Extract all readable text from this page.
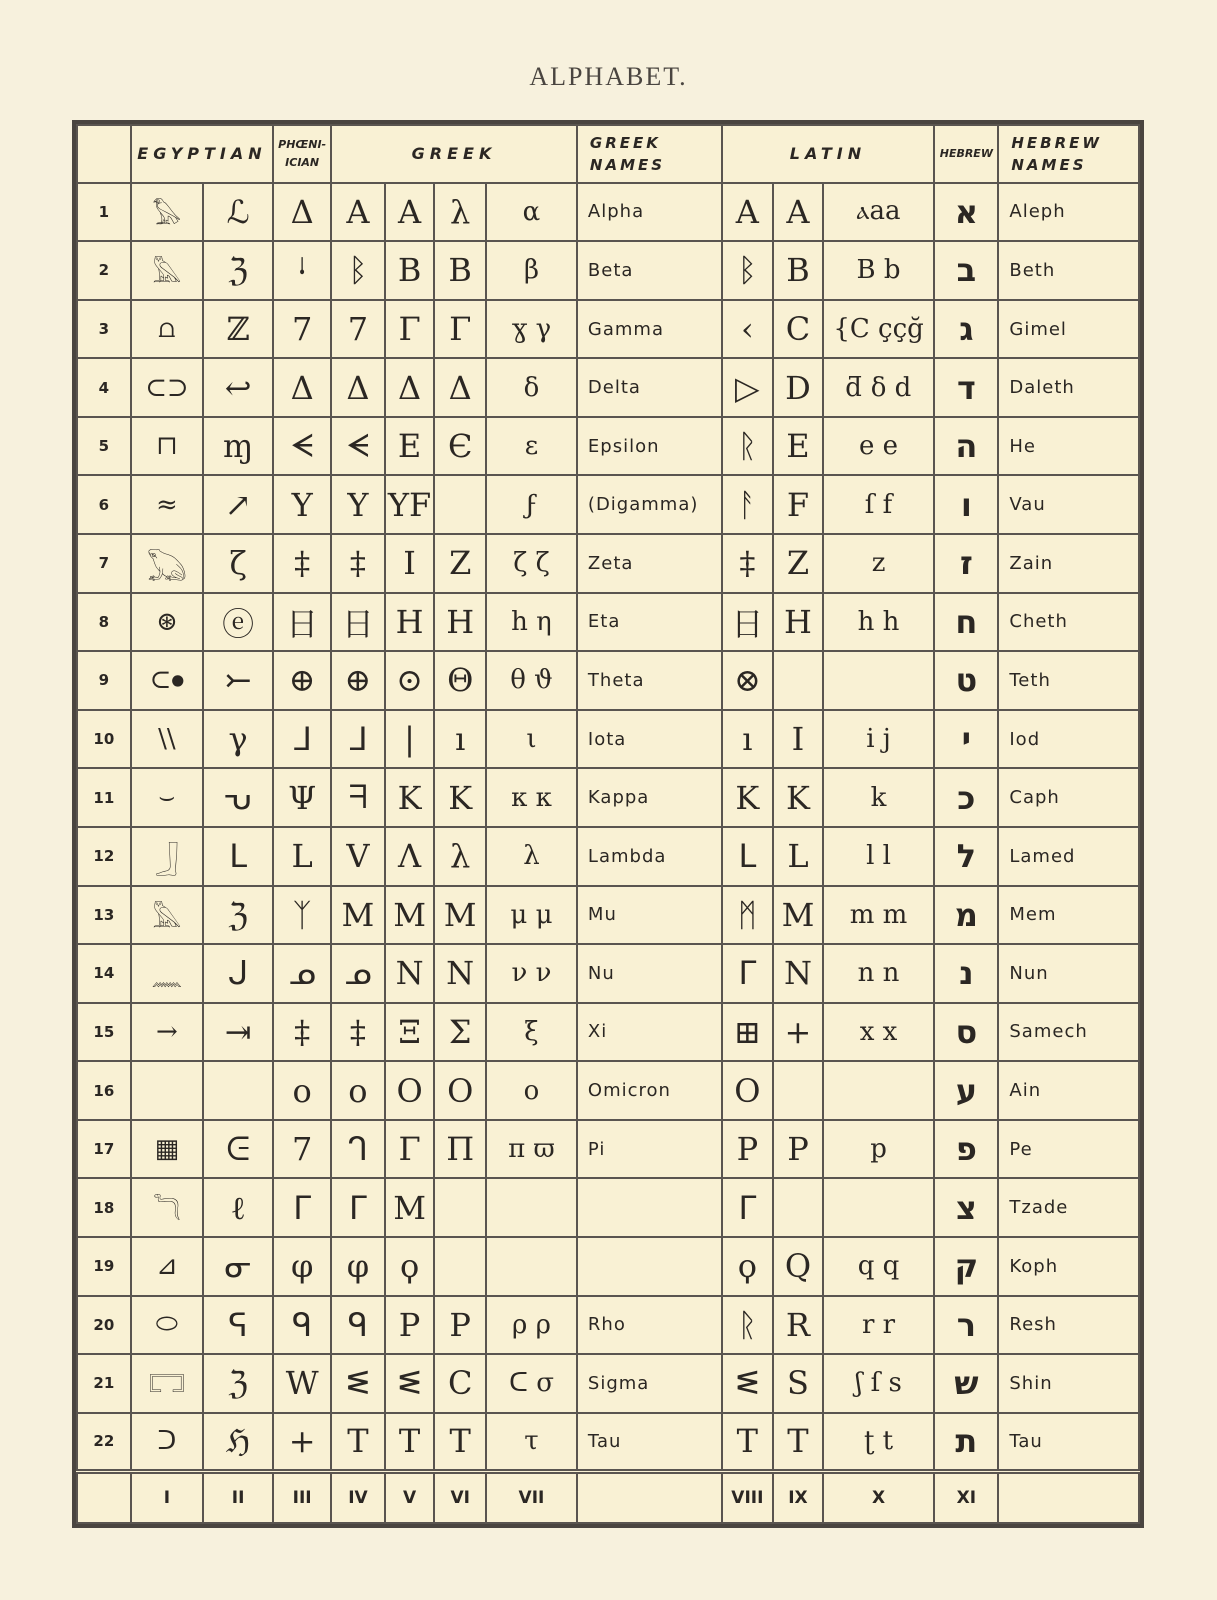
ALPHABET.
	EGYPTIAN		PHŒNI-
ICIAN	GREEK				GREEK
NAMES	LATIN			HEBREW	HEBREW
NAMES
1	𓅃	ℒ	Δ	A	A	λ	α	Alpha	A	A	ⲁaa	א	Aleph
2	𓅓	ℨ	ᛍ	ᛒ	B	B	β	Beta	ᛒ	B	B b	ב	Beth
3	⩍	ℤ	7	7	Γ	Γ	ɣ γ	Gamma	‹	C	{C ççğ	ג	Gimel
4	⊂⊃	↩	Δ	Δ	Δ	Δ	δ	Delta	▷	D	ƌ δ d	ד	Daleth
5	⊓	ɱ	ᗕ	ᗕ	E	Є	ε	Epsilon	ᚱ	E	e e	ה	He
6	≈	↗	Y	Y	YF		ϝ	(Digamma)	ᚨ	F	ſ f	ו	Vau
7	𓆏	ζ	‡	‡	I	Z	ζ ζ	Zeta	‡	Z	z	ז	Zain
8	⊛	ⓔ	日	日	H	H	h η	Eta	日	H	h h	ח	Cheth
9	⊂⦁	⤚	⊕	⊕	⊙	Θ	θ ϑ	Theta	⊗			ט	Teth
10	\\	γ	ᒧ	ᒧ	|	ı	ι	Iota	ı	I	i j	י	Iod
11	⌣	ᕃ	Ψ	ᖷ	K	K	κ κ	Kappa	K	K	k	כ	Caph
12	𓃀	ᒪ	L	V	Λ	λ	λ	Lambda	ᒪ	L	l l	ל	Lamed
13	𓅓	ℨ	ᛉ	M	M	M	μ μ	Mu	ᛗ	M	m m	מ	Mem
14	𓈖	ᒍ	ᓄ	ᓄ	N	N	ν ν	Nu	ᒥ	N	n n	נ	Nun
15	→	⇥	‡	‡	Ξ	Σ	ξ	Xi	⊞	+	x x	ס	Samech
16			o	o	O	O	o	Omicron	O			ע	Ain
17	▦	ᕮ	7	ᒉ	Γ	Π	π ϖ	Pi	P	P	p	פ	Pe
18	𓆓	ℓ	ᒥ	ᒥ	M				ᒥ			צ	Tzade
19	⊿	ᓂ	φ	φ	ϙ				ϙ	Q	q q	ק	Koph
20	⬭	ᕋ	ᑫ	ᑫ	P	P	ρ ρ	Rho	ᚱ	R	r r	ר	Resh
21	𓉐	ℨ	W	ᓬ	ᓬ	C	ᑕ σ	Sigma	ᓬ	S	ʃ ſ s	ש	Shin
22	ᑐ	ℌ	+	T	T	T	τ	Tau	T	T	ʈ t	ת	Tau
	I	II	III	IV	V	VI	VII		VIII	IX	X	XI	
